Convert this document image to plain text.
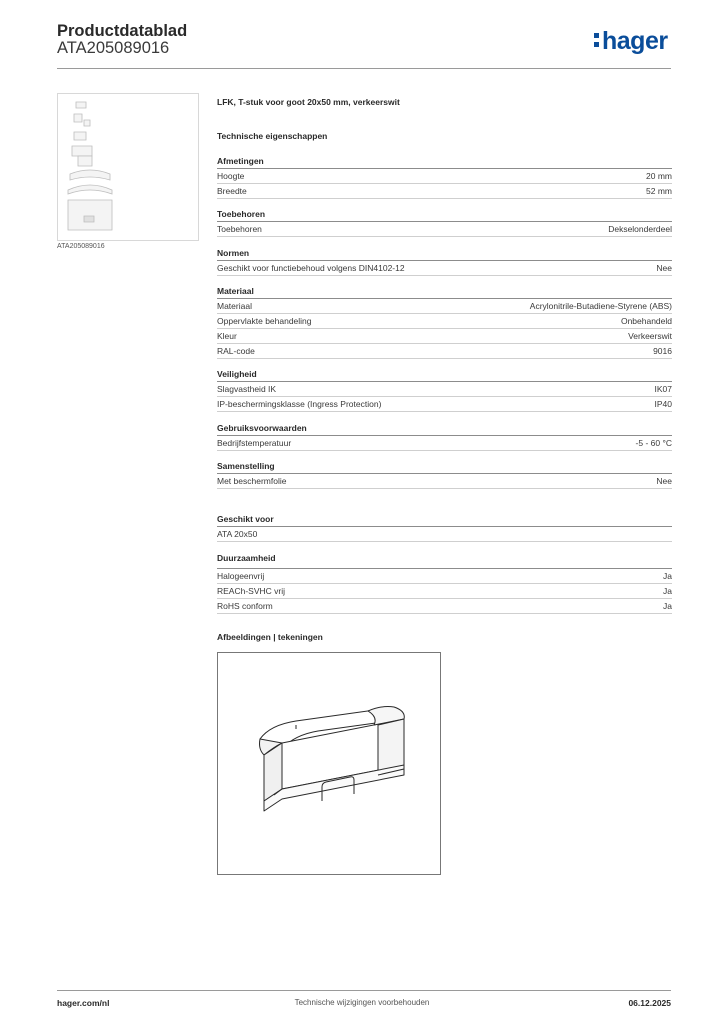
Productdatablad
ATA205089016	hager
ATA205089016
LFK, T-stuk voor goot 20x50 mm, verkeerswit
Technische eigenschappen
Afmetingen
Hoogte	20 mm
Breedte	52 mm
Toebehoren
Toebehoren	Dekselonderdeel
Normen
Geschikt voor functiebehoud volgens DIN4102-12	Nee
Materiaal
Materiaal	Acrylonitrile-Butadiene-Styrene (ABS)
Oppervlakte behandeling	Onbehandeld
Kleur	Verkeerswit
RAL-code	9016
Veiligheid
Slagvastheid IK	IK07
IP-beschermingsklasse (Ingress Protection)	IP40
Gebruiksvoorwaarden
Bedrijfstemperatuur	-5 - 60 °C
Samenstelling
Met beschermfolie	Nee
Geschikt voor
ATA 20x50
Duurzaamheid
Halogeenvrij	Ja
REACh-SVHC vrij	Ja
RoHS conform	Ja
Afbeeldingen | tekeningen
hager.com/nl	Technische wijzigingen voorbehouden	06.12.2025
